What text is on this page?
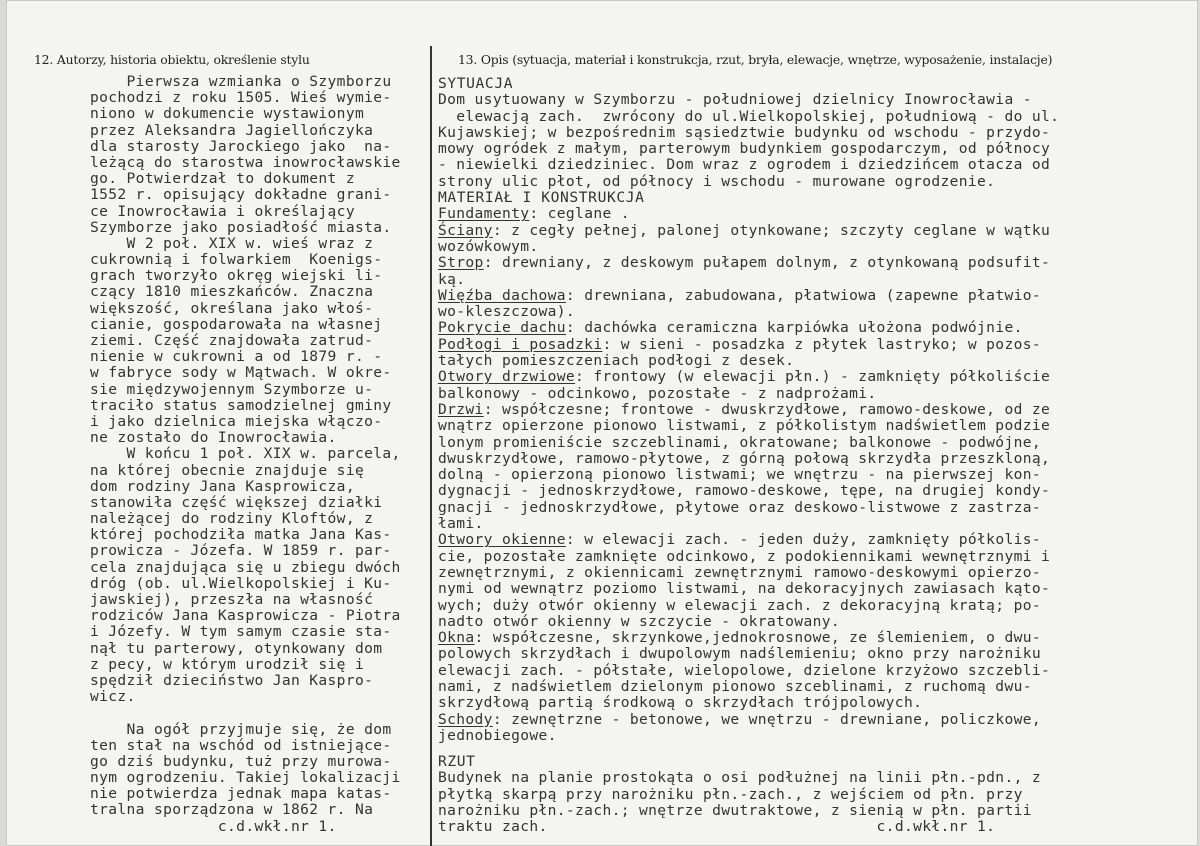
12. Autorzy, historia obiektu, określenie stylu	13. Opis (sytuacja, materiał i konstrukcja, rzut, bryła, elewacje, wnętrze, wyposażenie, instalacje)
Pierwsza wzmianka o Szymborzu
pochodzi z roku 1505. Wieś wymie-
niono w dokumencie wystawionym
przez Aleksandra Jagiellończyka
dla starosty Jarockiego jako  na-
leżącą do starostwa inowrocławskie
go. Potwierdzał to dokument z
1552 r. opisujący dokładne grani-
ce Inowrocławia i określający
Szymborze jako posiadłość miasta.
W 2 poł. XIX w. wieś wraz z
cukrownią i folwarkiem  Koenigs-
grach tworzyło okręg wiejski li-
czący 1810 mieszkańców. Znaczna
większość, określana jako włoś-
cianie, gospodarowała na własnej
ziemi. Część znajdowała zatrud-
nienie w cukrowni a od 1879 r. -
w fabryce sody w Mątwach. W okre-
sie międzywojennym Szymborze u-
traciło status samodzielnej gminy
i jako dzielnica miejska włączo-
ne zostało do Inowrocławia.
W końcu 1 poł. XIX w. parcela,
na której obecnie znajduje się
dom rodziny Jana Kasprowicza,
stanowiła część większej działki
należącej do rodziny Kloftów, z
której pochodziła matka Jana Kas-
prowicza - Józefa. W 1859 r. par-
cela znajdująca się u zbiegu dwóch
dróg (ob. ul.Wielkopolskiej i Ku-
jawskiej), przeszła na własność
rodziców Jana Kasprowicza - Piotra
i Józefy. W tym samym czasie sta-
nął tu parterowy, otynkowany dom
z pecy, w którym urodził się i
spędził dzieciństwo Jan Kaspro-
wicz.
Na ogół przyjmuje się, że dom
ten stał na wschód od istniejące-
go dziś budynku, tuż przy murowa-
nym ogrodzeniu. Takiej lokalizacji
nie potwierdza jednak mapa katas-
tralna sporządzona w 1862 r. Na
c.d.wkł.nr 1.
SYTUACJA
Dom usytuowany w Szymborzu - południowej dzielnicy Inowrocławia -
elewacją zach.  zwrócony do ul.Wielkopolskiej, południową - do ul.
Kujawskiej; w bezpośrednim sąsiedztwie budynku od wschodu - przydo-
mowy ogródek z małym, parterowym budynkiem gospodarczym, od północy
- niewielki dziedziniec. Dom wraz z ogrodem i dziedzińcem otacza od
strony ulic płot, od północy i wschodu - murowane ogrodzenie.
MATERIAŁ I KONSTRUKCJA
Fundamenty: ceglane .
Ściany: z cegły pełnej, palonej otynkowane; szczyty ceglane w wątku
wozówkowym.
Strop: drewniany, z deskowym pułapem dolnym, z otynkowaną podsufit-
ką.
Więźba dachowa: drewniana, zabudowana, płatwiowa (zapewne płatwio-
wo-kleszczowa).
Pokrycie dachu: dachówka ceramiczna karpiówka ułożona podwójnie.
Podłogi i posadzki: w sieni - posadzka z płytek lastryko; w pozos-
tałych pomieszczeniach podłogi z desek.
Otwory drzwiowe: frontowy (w elewacji płn.) - zamknięty półkoliście
balkonowy - odcinkowo, pozostałe - z nadprożami.
Drzwi: współczesne; frontowe - dwuskrzydłowe, ramowo-deskowe, od ze
wnątrz opierzone pionowo listwami, z półkolistym nadświetlem podzie
lonym promieniście szczeblinami, okratowane; balkonowe - podwójne,
dwuskrzydłowe, ramowo-płytowe, z górną połową skrzydła przeszkloną,
dolną - opierzoną pionowo listwami; we wnętrzu - na pierwszej kon-
dygnacji - jednoskrzydłowe, ramowo-deskowe, tępe, na drugiej kondy-
gnacji - jednoskrzydłowe, płytowe oraz deskowo-listwowe z zastrza-
łami.
Otwory okienne: w elewacji zach. - jeden duży, zamknięty półkolis-
cie, pozostałe zamknięte odcinkowo, z podokiennikami wewnętrznymi i
zewnętrznymi, z okiennicami zewnętrznymi ramowo-deskowymi opierzo-
nymi od wewnątrz poziomo listwami, na dekoracyjnych zawiasach kąto-
wych; duży otwór okienny w elewacji zach. z dekoracyjną kratą; po-
nadto otwór okienny w szczycie - okratowany.
Okna: współczesne, skrzynkowe,jednokrosnowe, ze ślemieniem, o dwu-
polowych skrzydłach i dwupolowym nadślemieniu; okno przy narożniku
elewacji zach. - półstałe, wielopolowe, dzielone krzyżowo szczebli-
nami, z nadświetlem dzielonym pionowo szceblinami, z ruchomą dwu-
skrzydłową partią środkową o skrzydłach trójpolowych.
Schody: zewnętrzne - betonowe, we wnętrzu - drewniane, policzkowe,
jednobiegowe.
RZUT
Budynek na planie prostokąta o osi podłużnej na linii płn.-pdn., z
płytką skarpą przy narożniku płn.-zach., z wejściem od płn. przy
narożniku płn.-zach.; wnętrze dwutraktowe, z sienią w płn. partii
traktu zach.                                    c.d.wkł.nr 1.
